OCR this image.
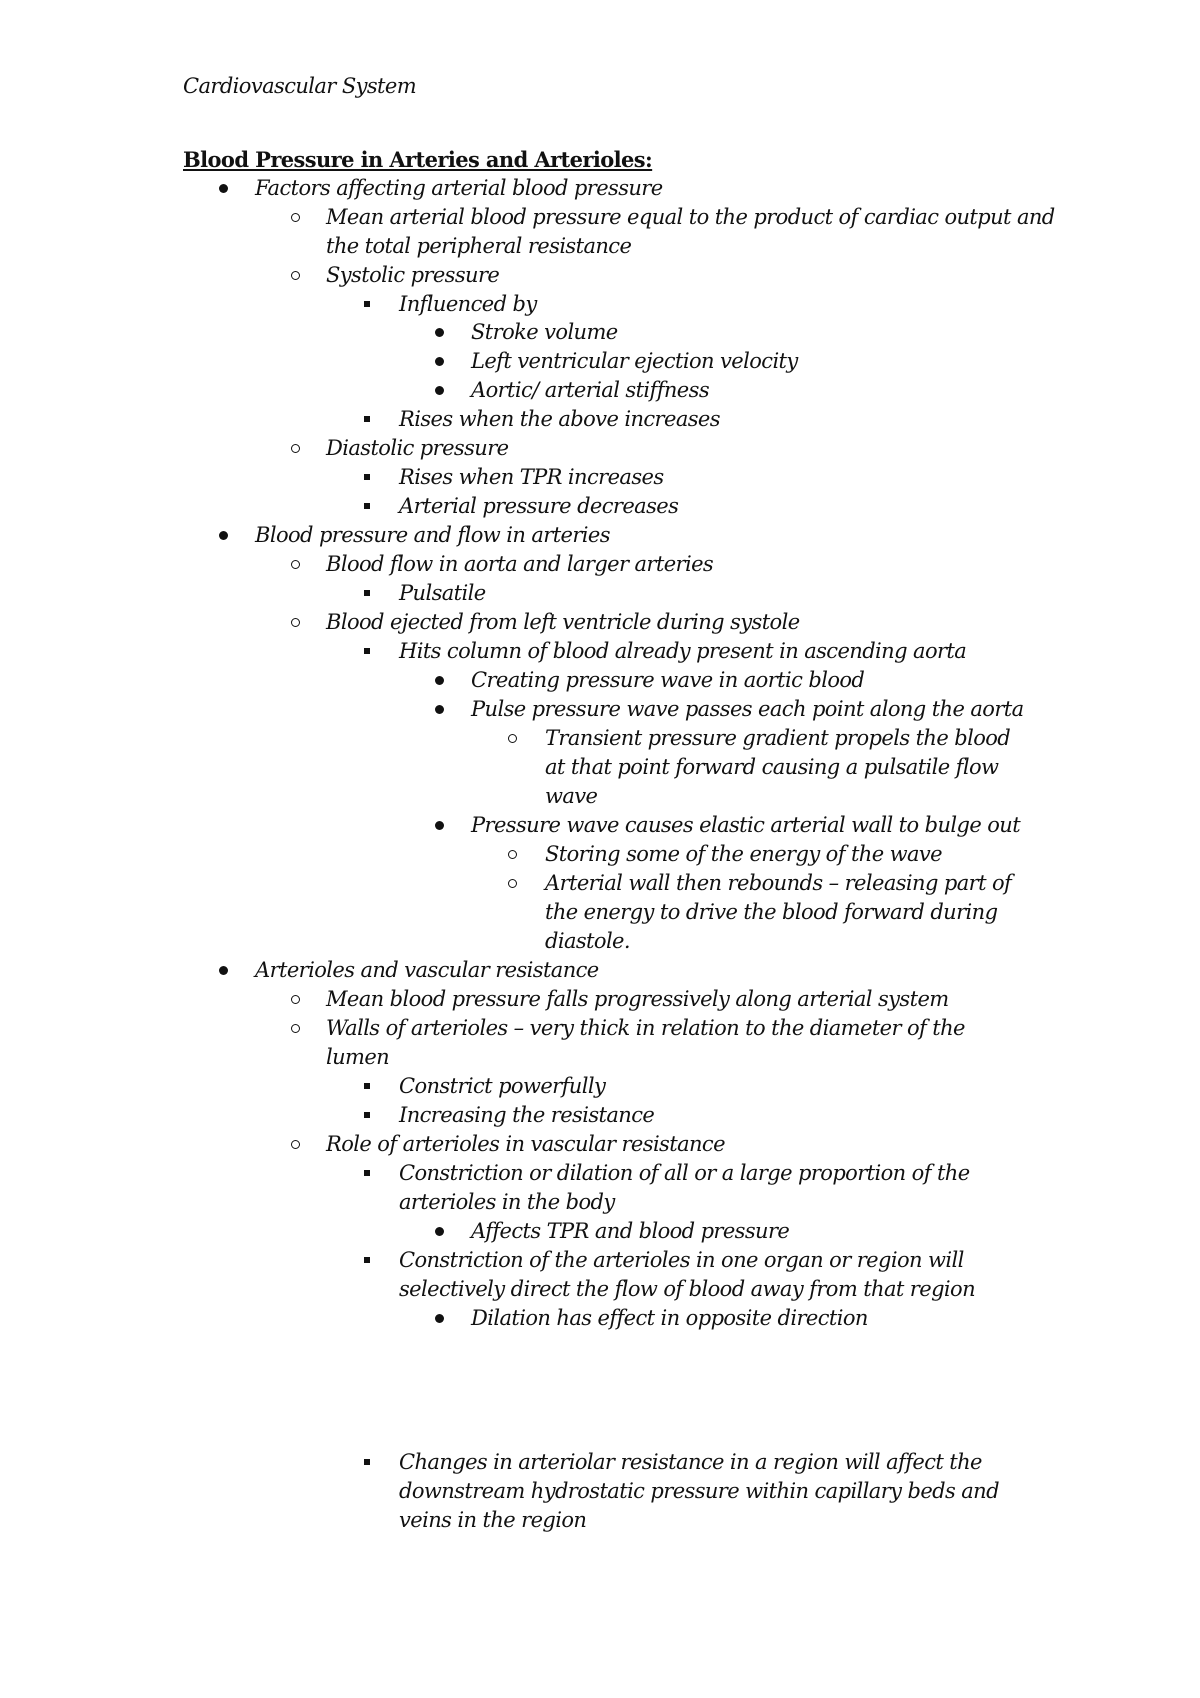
Cardiovascular System
Blood Pressure in Arteries and Arterioles:
Factors affecting arterial blood pressure
Mean arterial blood pressure equal to the product of cardiac output and the total peripheral resistance
Systolic pressure
Influenced by
Stroke volume
Left ventricular ejection velocity
Aortic/ arterial stiffness
Rises when the above increases
Diastolic pressure
Rises when TPR increases
Arterial pressure decreases
Blood pressure and flow in arteries
Blood flow in aorta and larger arteries
Pulsatile
Blood ejected from left ventricle during systole
Hits column of blood already present in ascending aorta
Creating pressure wave in aortic blood
Pulse pressure wave passes each point along the aorta
Transient pressure gradient propels the blood at that point forward causing a pulsatile flow wave
Pressure wave causes elastic arterial wall to bulge out
Storing some of the energy of the wave
Arterial wall then rebounds – releasing part of the energy to drive the blood forward during diastole.
Arterioles and vascular resistance
Mean blood pressure falls progressively along arterial system
Walls of arterioles – very thick in relation to the diameter of the lumen
Constrict powerfully
Increasing the resistance
Role of arterioles in vascular resistance
Constriction or dilation of all or a large proportion of the arterioles in the body
Affects TPR and blood pressure
Constriction of the arterioles in one organ or region will selectively direct the flow of blood away from that region
Dilation has effect in opposite direction
Changes in arteriolar resistance in a region will affect the downstream hydrostatic pressure within capillary beds and veins in the region
